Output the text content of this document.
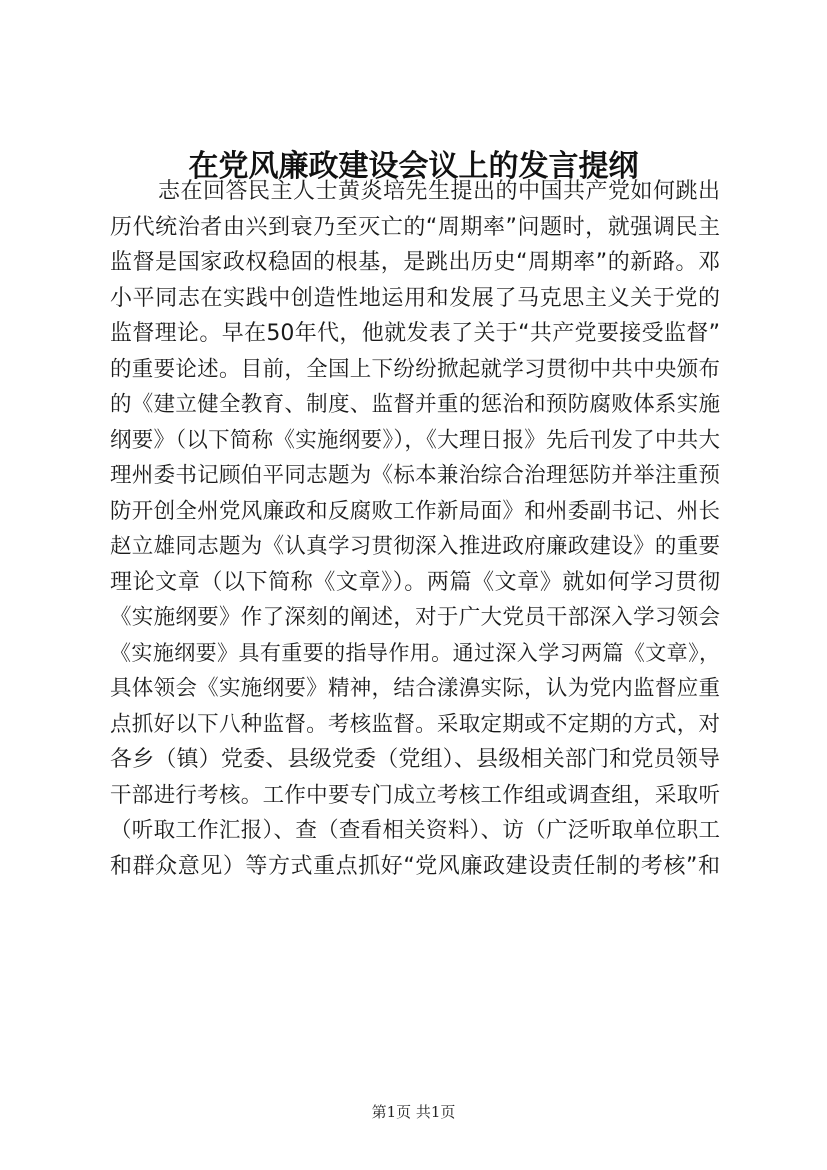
在党风廉政建设会议上的发言提纲
志在回答民主人士黄炎培先生提出的中国共产党如何跳出
历代统治者由兴到衰乃至灭亡的“周期率”问题时，就强调民主
监督是国家政权稳固的根基，是跳出历史“周期率”的新路。邓
小平同志在实践中创造性地运用和发展了马克思主义关于党的
监督理论。早在50年代，他就发表了关于“共产党要接受监督”
的重要论述。目前，全国上下纷纷掀起就学习贯彻中共中央颁布
的《建立健全教育、制度、监督并重的惩治和预防腐败体系实施
纲要》（以下简称《实施纲要》），《大理日报》先后刊发了中共大
理州委书记顾伯平同志题为《标本兼治综合治理惩防并举注重预
防开创全州党风廉政和反腐败工作新局面》和州委副书记、州长
赵立雄同志题为《认真学习贯彻深入推进政府廉政建设》的重要
理论文章（以下简称《文章》）。两篇《文章》就如何学习贯彻
《实施纲要》作了深刻的阐述，对于广大党员干部深入学习领会
《实施纲要》具有重要的指导作用。通过深入学习两篇《文章》，
具体领会《实施纲要》精神，结合漾濞实际，认为党内监督应重
点抓好以下八种监督。考核监督。采取定期或不定期的方式，对
各乡（镇）党委、县级党委（党组）、县级相关部门和党员领导
干部进行考核。工作中要专门成立考核工作组或调查组，采取听
（听取工作汇报）、查（查看相关资料）、访（广泛听取单位职工
和群众意见）等方式重点抓好“党风廉政建设责任制的考核”和
第1页 共1页
